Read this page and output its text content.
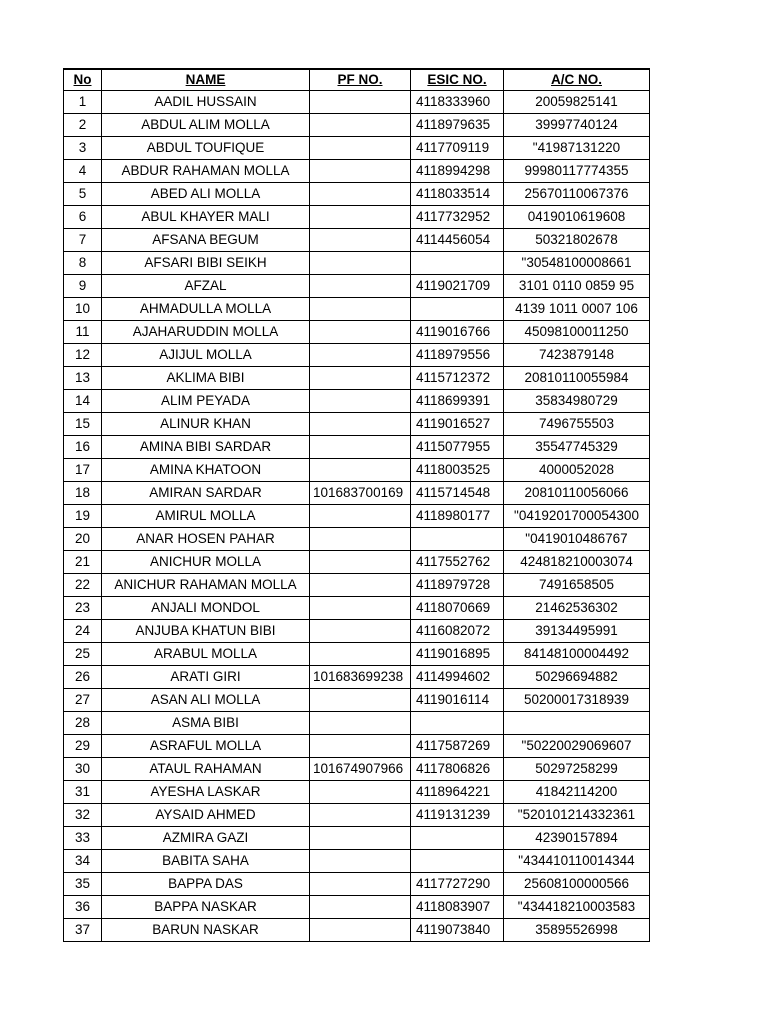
No	NAME	PF NO.	ESIC NO.	A/C NO.
1	AADIL HUSSAIN		4118333960	20059825141
2	ABDUL ALIM MOLLA		4118979635	39997740124
3	ABDUL TOUFIQUE		4117709119	"41987131220
4	ABDUR RAHAMAN MOLLA		4118994298	99980117774355
5	ABED ALI MOLLA		4118033514	25670110067376
6	ABUL KHAYER MALI		4117732952	0419010619608
7	AFSANA BEGUM		4114456054	50321802678
8	AFSARI BIBI SEIKH			"30548100008661
9	AFZAL		4119021709	3101 0110 0859 95
10	AHMADULLA MOLLA			4139 1011 0007 106
11	AJAHARUDDIN MOLLA		4119016766	45098100011250
12	AJIJUL MOLLA		4118979556	7423879148
13	AKLIMA BIBI		4115712372	20810110055984
14	ALIM PEYADA		4118699391	35834980729
15	ALINUR KHAN		4119016527	7496755503
16	AMINA BIBI SARDAR		4115077955	35547745329
17	AMINA KHATOON		4118003525	4000052028
18	AMIRAN SARDAR	101683700169	4115714548	20810110056066
19	AMIRUL MOLLA		4118980177	"0419201700054300
20	ANAR HOSEN PAHAR			"0419010486767
21	ANICHUR MOLLA		4117552762	424818210003074
22	ANICHUR RAHAMAN MOLLA		4118979728	7491658505
23	ANJALI MONDOL		4118070669	21462536302
24	ANJUBA KHATUN BIBI		4116082072	39134495991
25	ARABUL MOLLA		4119016895	84148100004492
26	ARATI GIRI	101683699238	4114994602	50296694882
27	ASAN ALI MOLLA		4119016114	50200017318939
28	ASMA BIBI			
29	ASRAFUL MOLLA		4117587269	"50220029069607
30	ATAUL RAHAMAN	101674907966	4117806826	50297258299
31	AYESHA LASKAR		4118964221	41842114200
32	AYSAID AHMED		4119131239	"520101214332361
33	AZMIRA GAZI			42390157894
34	BABITA SAHA			"434410110014344
35	BAPPA DAS		4117727290	25608100000566
36	BAPPA NASKAR		4118083907	"434418210003583
37	BARUN NASKAR		4119073840	35895526998
